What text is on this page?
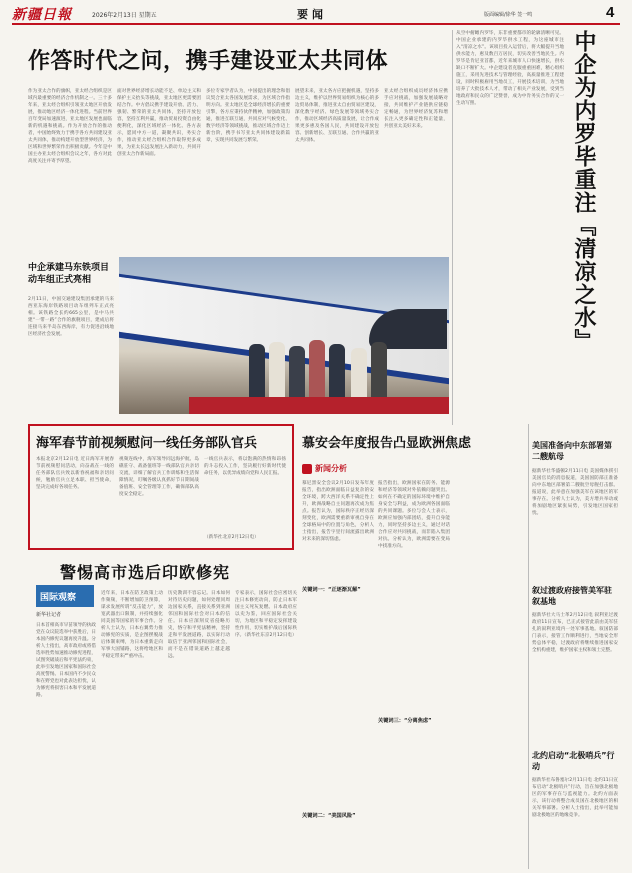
新疆日報	2026年2月13日 星期五	要闻	版面编辑/徐华 签一鸣	4
作答时代之问，携手建设亚太共同体
作为亚太合作的旗帜，亚太经合组织是区域内最重要的经济合作机制之一。三十多年来，亚太经合组织引领亚太地区开放发展，推动地区经济一体化进程。当前世界百年变局加速演进，亚太地区发展也面临新的机遇和挑战。作为开放合作的推动者，中国始终致力于携手各方共同建设亚太共同体，推动构建开放型世界经济，为区域和世界繁荣作出积极贡献。今年是中国主办亚太经合组织会议之年，各方对此高度关注并寄予厚望。
面对世界经济增长动能不足、单边主义和保护主义抬头等挑战，亚太地区更需要团结合作。中方倡议携手建设开放、活力、强韧、繁荣的亚太共同体，坚持开放包容，坚持互利共赢，推动贸易投资自由化便利化，深化区域经济一体化。各方表示，愿同中方一道，凝聚共识，务实合作，推动亚太经合组织合作取得更多成果，为亚太长远发展注入新动力，共同开创亚太合作新局面。
多位专家学者认为，中国提出的理念和倡议契合亚太各国发展需求，为区域合作指明方向。亚太地区是全球经济增长的重要引擎，各方应秉持伙伴精神，加强政策沟通，推进互联互通，共同应对气候变化、数字经济等领域挑战，推动区域合作迈上新台阶，携手书写亚太共同体建设新篇章，实现共同发展与繁荣。
展望未来，亚太各方应把握机遇，坚持多边主义，维护以世界贸易组织为核心的多边贸易体制，推进亚太自由贸易区建设，深化数字经济、绿色发展等领域务实合作，推动区域经济高质量发展，让合作成果更多惠及各国人民，共同建设开放包容、创新增长、互联互通、合作共赢的亚太共同体。
亚太经合组织成员经济体应携手应对挑战，加强发展战略对接，共同维护产业链供应链稳定畅通，为世界经济复苏和增长注入更多确定性和正能量，共创亚太美好未来。
中企承建马东铁项目
动车组正式亮相
2月11日，中国交通建设集团承建的马来西亚东海岸铁路项目动车组列车正式亮相。该铁路全长约665公里，是中马共建“一带一路”合作的旗舰项目，建成后将连接马来半岛东西海岸，有力促进沿线地区经济社会发展。
从空中俯瞰内罗毕，东非重要都市的轮廓清晰可见。中国企业承建的内罗毕供水工程，为这座城市注入“清凉之水”。该项目投入运营后，将大幅提升当地供水能力，惠及数百万居民，切实改善当地民生。内罗毕是肯尼亚首都，近年来城市人口快速增长，供水缺口不断扩大。中企建设者克服重重困难，精心组织施工，采用先进技术与管理经验，高质量推进工程建设，同时积极雇用当地员工，开展技术培训，为当地培养了大批技术人才，带动了相关产业发展，受到当地政府和民众的广泛赞誉，成为中肯务实合作的又一生动写照。	中企为内罗毕重注『清凉之水』
海军春节前视频慰问一线任务部队官兵
本报北京2月12日电 近日海军开展春节前视频慰问活动，向奋战在一线的任务部队官兵致以新春祝福和亲切问候，勉励官兵立足本职、担当使命，坚决完成好各项任务。
视频连线中，海军领导同远海护航、岛礁驻守、战备值班等一线部队官兵亲切交流，详细了解官兵工作训练和生活保障情况，叮嘱各级认真抓好节日期间战备值班、安全管理等工作，确保部队高度安全稳定。
一线官兵表示，将以饱满的热情和昂扬的斗志投入工作，坚决履行好新时代使命任务，以优异成绩向党和人民汇报。
（新华社北京2月12日电）
慕安会年度报告凸显欧洲焦虑
新闻分析
慕尼黑安全会议2月10日发布年度报告，指出欧洲面临日益复杂的安全环境，跨大西洋关系不确定性上升，欧洲战略自主问题再次成为焦点。报告认为，国际秩序正经历深刻变化，欧洲需要重新审视自身在全球格局中的位置与角色，分析人士指出，报告字里行间流露出欧洲对未来的深切焦虑。
关键词一：“正逐渐瓦解”
关键词二：“美国风险”
报告指出，欧洲国家在防务、能源和经济等领域对外依赖问题突出。如何在不确定的国际环境中维护自身安全与利益，成为欧洲各国面临的共同课题。多位与会人士表示，欧洲应加强内部团结，提升自身能力，同时坚持多边主义，通过对话合作应对共同挑战，而非陷入集团对抗。分析认为，欧洲需要在变局中找准方向。
关键词三：“分离焦虑”
警惕高市选后印欧修宪
国际观察
新华社记者
日本首相高市早苗领导的执政党在众议院选举中获胜后，日本国内修宪议题再度升温。分析人士指出，高市政府或将借选举胜势加速推动修宪进程，试图突破战后和平宪法约束，此举引发地区国家和国际社会高度警惕。日本国内不少民众和在野党也对此表达担忧，认为修宪将损害日本和平发展道路。
近年来，日本在防卫政策上动作频频，不断增加防卫预算，谋求发展所谓“反击能力”，放宽武器出口限制，并持续强化同美国等国家的军事合作。分析人士认为，日本右翼势力推动修宪的实质，是企图摆脱战后体制束缚，为日本重新走向军事大国铺路，这将给地区和平稳定带来严重冲击。
历史教训不容忘记。日本如何对待历史问题，如何处理同周边国家关系，直接关系到亚洲邻国和国际社会对日本的信任。日本应深刻反省侵略历史，恪守和平宪法精神，坚持走和平发展道路，以实际行动取信于亚洲邻国和国际社会，而不是在错误道路上越走越远。
专家表示，国际社会应密切关注日本修宪动向，防止日本军国主义死灰复燃。日本政府应以史为鉴，回应国际社会关切，为地区和平稳定发挥建设性作用，切实维护战后国际秩序。（新华社东京2月12日电）
美国准备向中东部署第二艘航母
据新华社华盛顿2月11日电 美国媒体援引美国官员的消息报道，美国国防部正准备向中东地区部署第二艘航空母舰打击群。报道说，此举意在加强美军在该地区的军事存在。分析人士认为，美方增兵举动或将加剧地区紧张局势，引发地区国家担忧。
叙过渡政府接管美军驻叙基地
据新华社大马士革2月12日电 叙利亚过渡政府11日宣布，已正式接管此前由美军驻扎的叙利亚境内一处军事基地。叙国防部门表示，接管工作顺利进行，当地安全形势总体平稳，过渡政府将继续推进国家安全机构重建，维护国家主权和领土完整。
北约启动“北极哨兵”行动
据新华社布鲁塞尔2月11日电 北约11日宣布启动“北极哨兵”行动，旨在加强北极地区的军事存在与监视能力。北约方面表示，该行动将整合成员国在北极地区的相关军事部署。分析人士指出，此举可能加剧北极地区的地缘竞争。
